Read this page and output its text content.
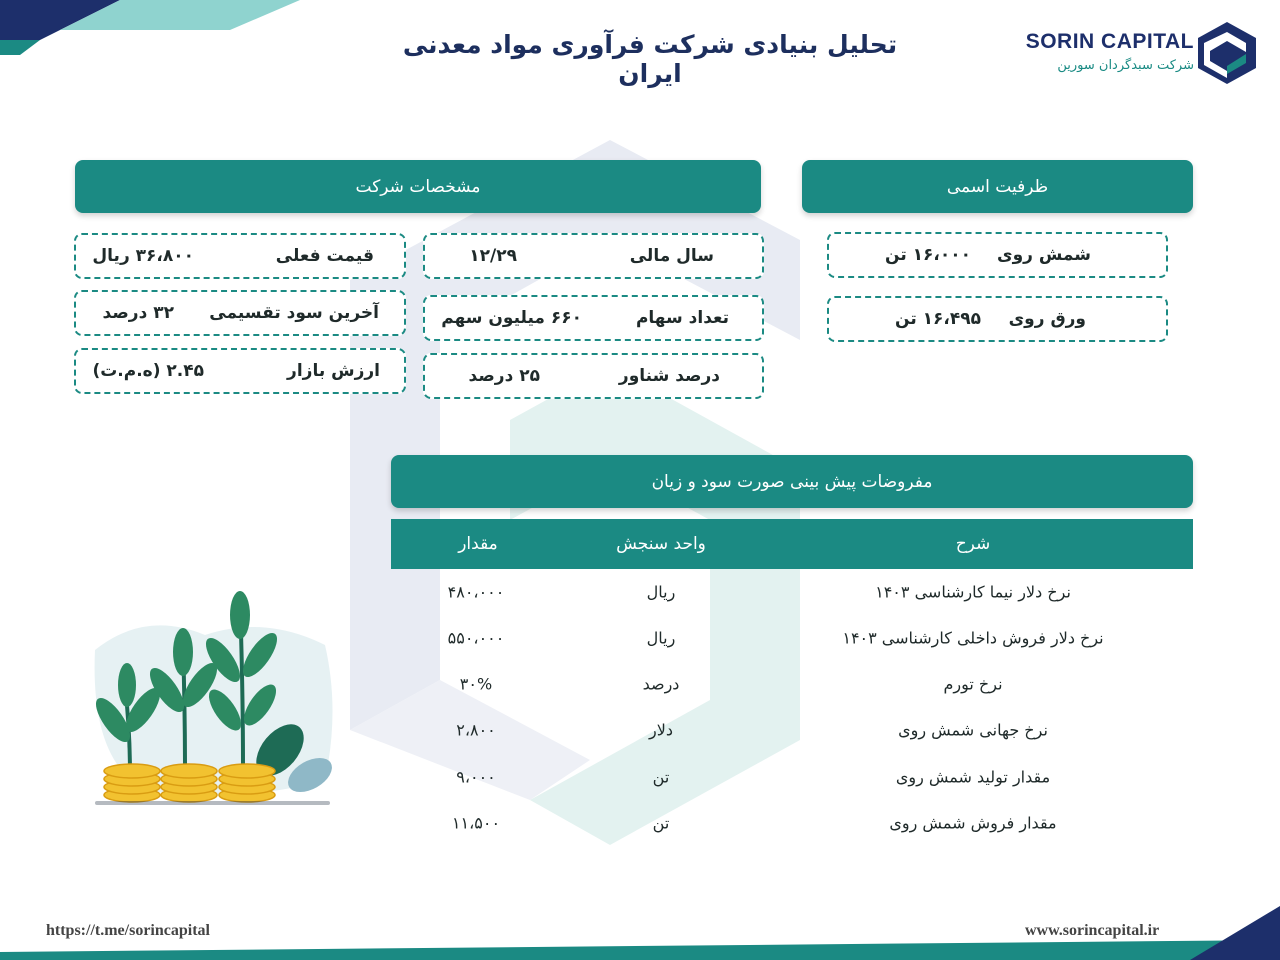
تحلیل بنیادی شرکت فرآوری مواد معدنی ایران
SORIN CAPITAL
شرکت سبدگردان سورین
ظرفیت اسمی
شمش روی
۱۶،۰۰۰ تن
ورق روی
۱۶،۴۹۵ تن
مشخصات شرکت
سال مالی
۱۲/۲۹
تعداد سهام
۶۶۰ میلیون سهم
درصد شناور
۲۵ درصد
قیمت فعلی
۳۶،۸۰۰ ریال
آخرین سود تقسیمی
۳۲ درصد
ارزش بازار
۲.۴۵ (ه.م.ت)
مفروضات پیش بینی صورت سود و زیان
شرح
واحد سنجش
مقدار
نرخ دلار نیما کارشناسی ۱۴۰۳
ریال
۴۸۰،۰۰۰
نرخ دلار فروش داخلی کارشناسی ۱۴۰۳
ریال
۵۵۰،۰۰۰
نرخ تورم
درصد
۳۰%
نرخ جهانی شمش روی
دلار
۲،۸۰۰
مقدار تولید شمش روی
تن
۹،۰۰۰
مقدار فروش شمش روی
تن
۱۱،۵۰۰
https://t.me/sorincapital	www.sorincapital.ir
